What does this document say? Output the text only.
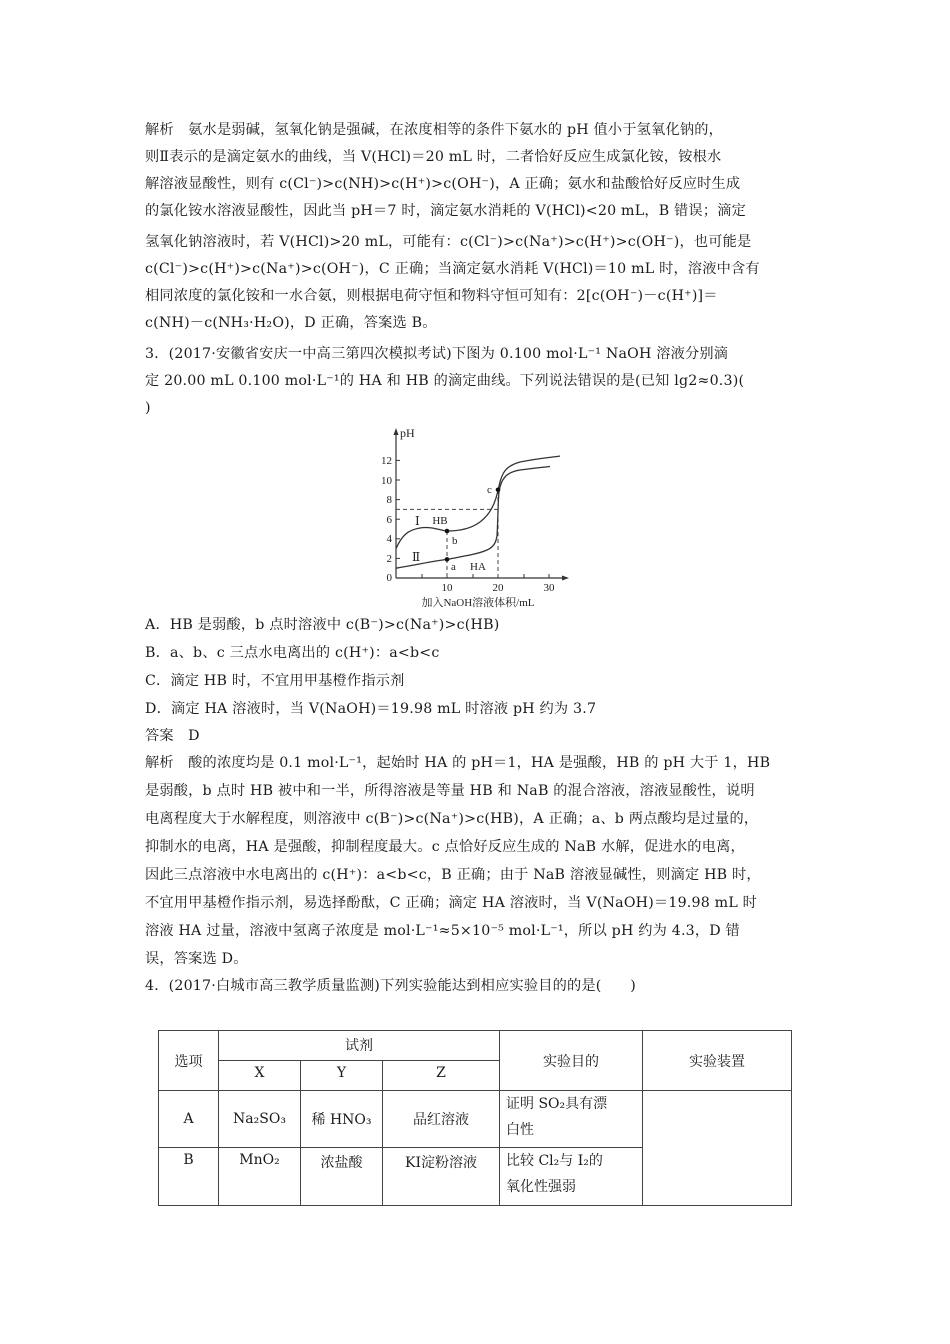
解析　氨水是弱碱，氢氧化钠是强碱，在浓度相等的条件下氨水的 pH 值小于氢氧化钠的，
则Ⅱ表示的是滴定氨水的曲线，当 V(HCl)＝20 mL 时，二者恰好反应生成氯化铵，铵根水
解溶液显酸性，则有 c(Cl⁻)>c(NH)>c(H⁺)>c(OH⁻)，A 正确；氨水和盐酸恰好反应时生成
的氯化铵水溶液显酸性，因此当 pH＝7 时，滴定氨水消耗的 V(HCl)<20 mL，B 错误；滴定
氢氧化钠溶液时，若 V(HCl)>20 mL，可能有：c(Cl⁻)>c(Na⁺)>c(H⁺)>c(OH⁻)，也可能是
c(Cl⁻)>c(H⁺)>c(Na⁺)>c(OH⁻)，C 正确；当滴定氨水消耗 V(HCl)＝10 mL 时，溶液中含有
相同浓度的氯化铵和一水合氨，则根据电荷守恒和物料守恒可知有：2[c(OH⁻)－c(H⁺)]＝
c(NH)－c(NH₃·H₂O)，D 正确，答案选 B。
3．(2017·安徽省安庆一中高三第四次模拟考试)下图为 0.100 mol·L⁻¹ NaOH 溶液分别滴
定 20.00 mL 0.100 mol·L⁻¹的 HA 和 HB 的滴定曲线。下列说法错误的是(已知 lg2≈0.3)(
)
pH
12
10
8
6
4
2
0
10	20	30
加入NaOH溶液体积/mL
Ⅰ
Ⅱ
HB
HA
a
b
c
A．HB 是弱酸，b 点时溶液中 c(B⁻)>c(Na⁺)>c(HB)
B．a、b、c 三点水电离出的 c(H⁺)：a<b<c
C．滴定 HB 时，不宜用甲基橙作指示剂
D．滴定 HA 溶液时，当 V(NaOH)＝19.98 mL 时溶液 pH 约为 3.7
答案　D
解析　酸的浓度均是 0.1 mol·L⁻¹，起始时 HA 的 pH＝1，HA 是强酸，HB 的 pH 大于 1，HB
是弱酸，b 点时 HB 被中和一半，所得溶液是等量 HB 和 NaB 的混合溶液，溶液显酸性，说明
电离程度大于水解程度，则溶液中 c(B⁻)>c(Na⁺)>c(HB)，A 正确；a、b 两点酸均是过量的，
抑制水的电离，HA 是强酸，抑制程度最大。c 点恰好反应生成的 NaB 水解，促进水的电离，
因此三点溶液中水电离出的 c(H⁺)：a<b<c，B 正确；由于 NaB 溶液显碱性，则滴定 HB 时，
不宜用甲基橙作指示剂，易选择酚酞，C 正确；滴定 HA 溶液时，当 V(NaOH)＝19.98 mL 时
溶液 HA 过量，溶液中氢离子浓度是 mol·L⁻¹≈5×10⁻⁵ mol·L⁻¹，所以 pH 约为 4.3，D 错
误，答案选 D。
4．(2017·白城市高三教学质量监测)下列实验能达到相应实验目的的是(　　)
选项	试剂			实验目的	实验装置
	X	Y	Z		
A	Na₂SO₃	稀 HNO₃	品红溶液	证明 SO₂具有漂
白性	

B	MnO₂	浓盐酸	KI淀粉溶液	比较 Cl₂与 I₂的
氧化性强弱	
